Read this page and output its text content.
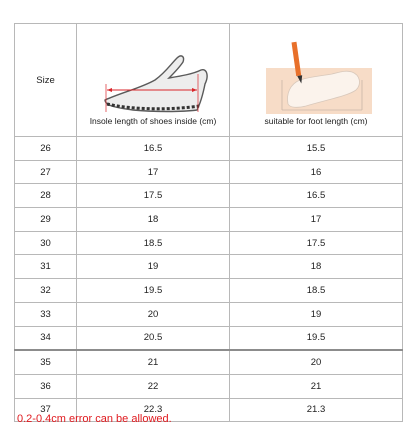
Size	Insole length of shoes inside (cm)	suitable for foot length (cm)

26	16.5	15.5
27	17	16
28	17.5	16.5
29	18	17
30	18.5	17.5
31	19	18
32	19.5	18.5
33	20	19
34	20.5	19.5
35	21	20
36	22	21
37	22.3	21.3
0.2-0.4cm error can be allowed.
